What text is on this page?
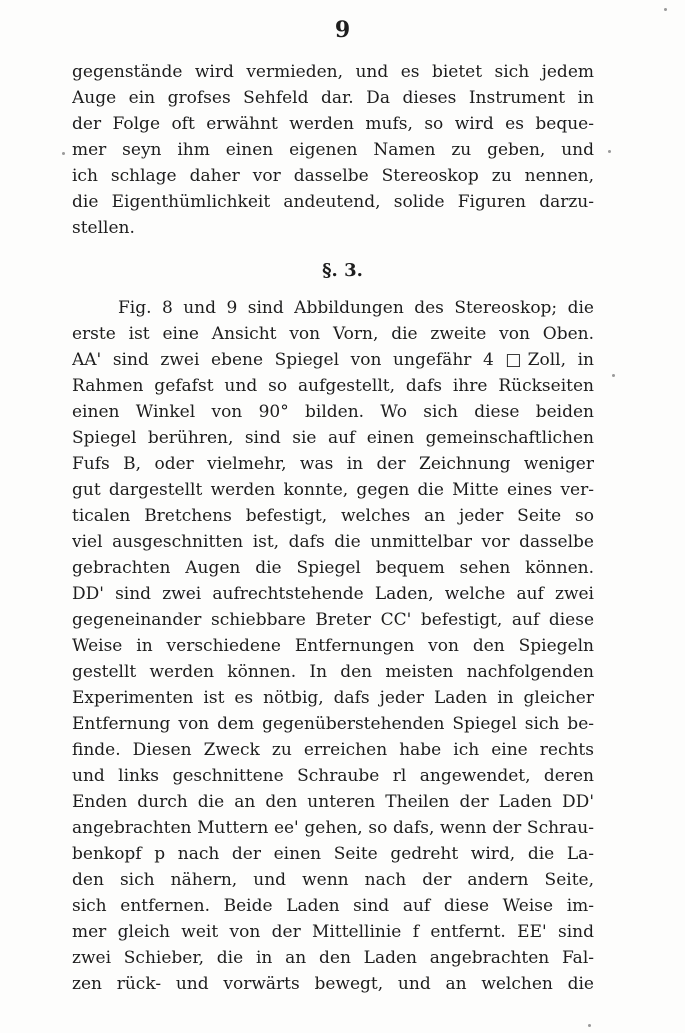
9
gegenstände wird vermieden, und es bietet sich jedem
Auge ein grofses Sehfeld dar. Da dieses Instrument in
der Folge oft erwähnt werden mufs, so wird es beque-
mer seyn ihm einen eigenen Namen zu geben, und
ich schlage daher vor dasselbe Stereoskop zu nennen,
die Eigenthümlichkeit andeutend, solide Figuren darzu-
stellen.
§. 3.
Fig. 8 und 9 sind Abbildungen des Stereoskop; die
erste ist eine Ansicht von Vorn, die zweite von Oben.
AA' sind zwei ebene Spiegel von ungefähr 4 □Zoll, in
Rahmen gefafst und so aufgestellt, dafs ihre Rückseiten
einen Winkel von 90° bilden. Wo sich diese beiden
Spiegel berühren, sind sie auf einen gemeinschaftlichen
Fufs B, oder vielmehr, was in der Zeichnung weniger
gut dargestellt werden konnte, gegen die Mitte eines ver-
ticalen Bretchens befestigt, welches an jeder Seite so
viel ausgeschnitten ist, dafs die unmittelbar vor dasselbe
gebrachten Augen die Spiegel bequem sehen können.
DD' sind zwei aufrechtstehende Laden, welche auf zwei
gegeneinander schiebbare Breter CC' befestigt, auf diese
Weise in verschiedene Entfernungen von den Spiegeln
gestellt werden können. In den meisten nachfolgenden
Experimenten ist es nötbig, dafs jeder Laden in gleicher
Entfernung von dem gegenüberstehenden Spiegel sich be-
finde. Diesen Zweck zu erreichen habe ich eine rechts
und links geschnittene Schraube rl angewendet, deren
Enden durch die an den unteren Theilen der Laden DD'
angebrachten Muttern ee' gehen, so dafs, wenn der Schrau-
benkopf p nach der einen Seite gedreht wird, die La-
den sich nähern, und wenn nach der andern Seite,
sich entfernen. Beide Laden sind auf diese Weise im-
mer gleich weit von der Mittellinie f entfernt. EE' sind
zwei Schieber, die in an den Laden angebrachten Fal-
zen rück- und vorwärts bewegt, und an welchen die
